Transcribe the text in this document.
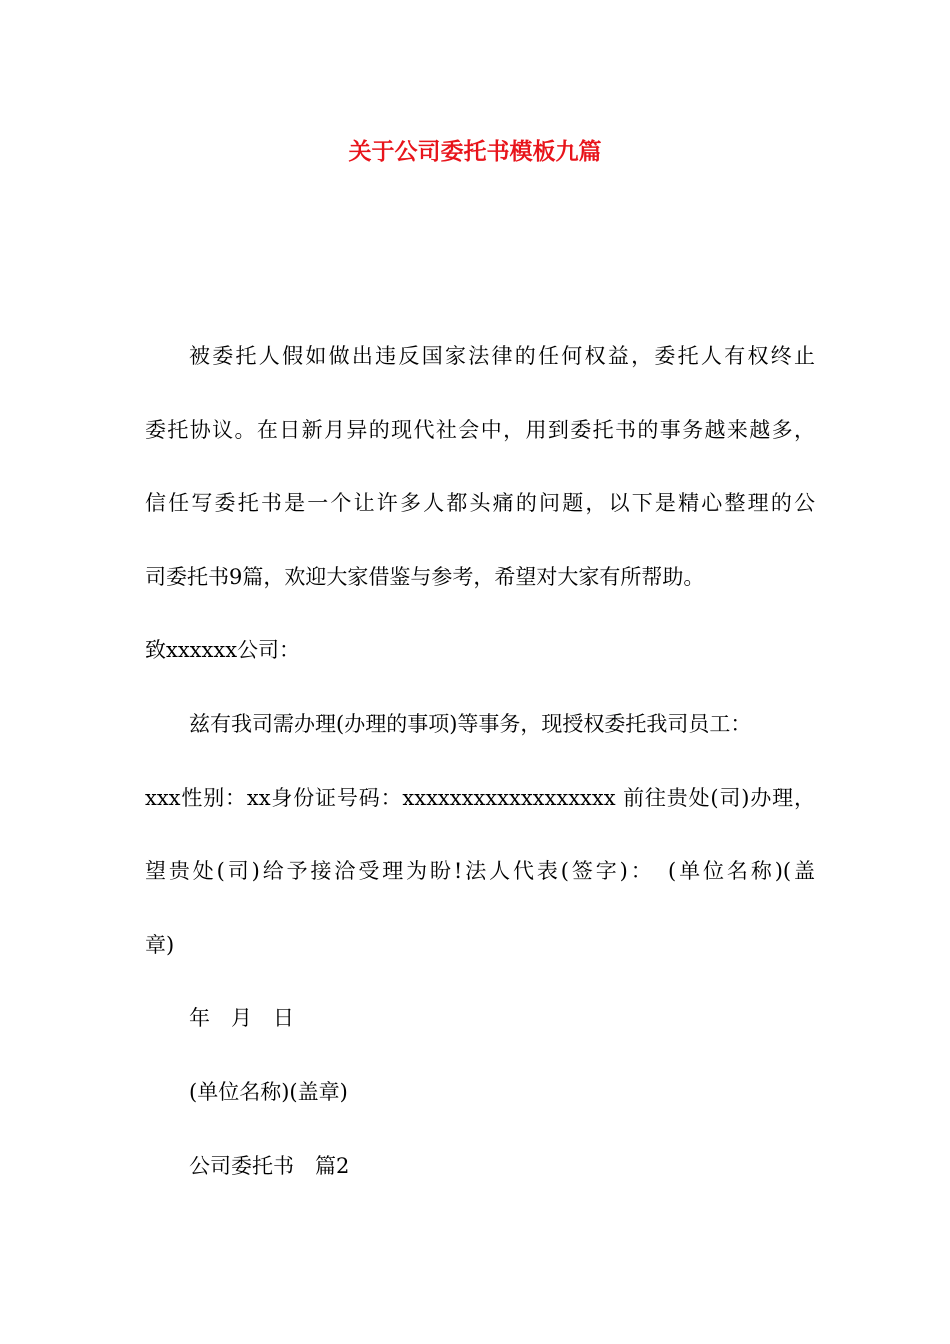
关于公司委托书模板九篇

被委托人假如做出违反国家法律的任何权益，委托人有权终止
委托协议。在日新月异的现代社会中，用到委托书的事务越来越多，
信任写委托书是一个让许多人都头痛的问题，以下是精心整理的公
司委托书9篇，欢迎大家借鉴与参考，希望对大家有所帮助。

致xxxxxx公司：

兹有我司需办理(办理的事项)等事务，现授权委托我司员工：
xxx性别：xx身份证号码：xxxxxxxxxxxxxxxxxx 前往贵处(司)办理，
望贵处(司)给予接洽受理为盼!法人代表(签字)：　(单位名称)(盖
章)

年　月　日

(单位名称)(盖章)

公司委托书　篇2
